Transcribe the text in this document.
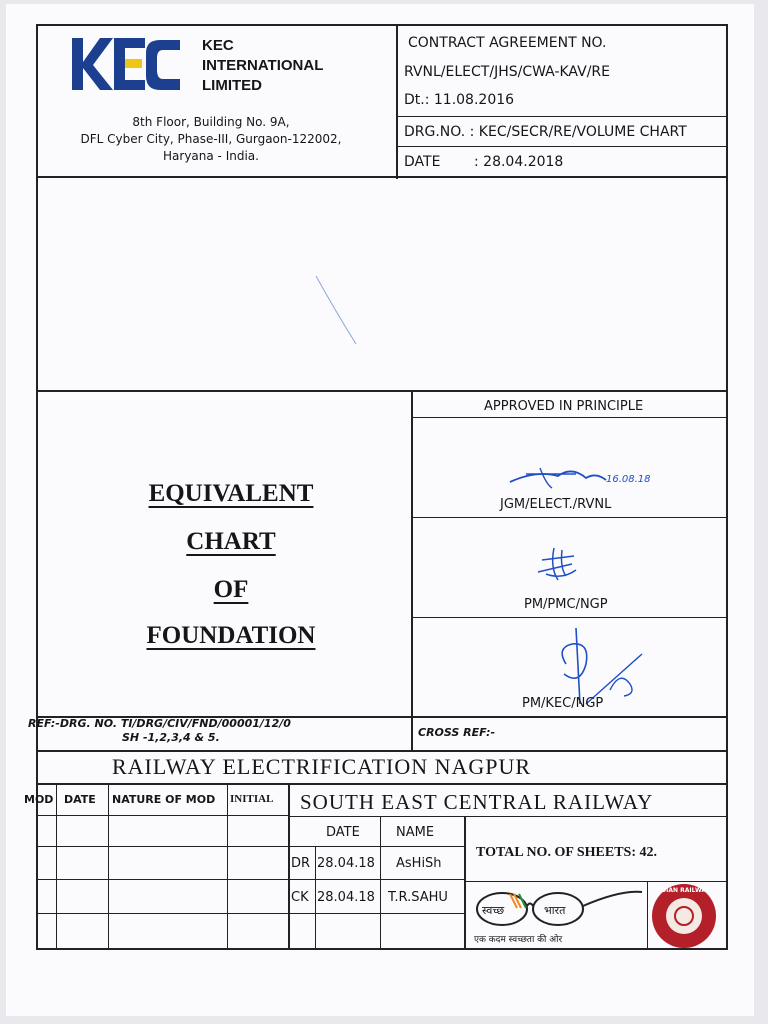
KEC
INTERNATIONAL
LIMITED
8th Floor, Building No. 9A,
DFL Cyber City, Phase-III, Gurgaon-122002,
Haryana - India.
CONTRACT AGREEMENT NO.
RVNL/ELECT/JHS/CWA-KAV/RE
Dt.: 11.08.2016
DRG.NO. : KEC/SECR/RE/VOLUME CHART
DATE : 28.04.2018
EQUIVALENT
CHART
OF
FOUNDATION
APPROVED IN PRINCIPLE
16.08.18
JGM/ELECT./RVNL
PM/PMC/NGP
PM/KEC/NGP
REF:-DRG. NO. TI/DRG/CIV/FND/00001/12/0
SH -1,2,3,4 & 5.	CROSS REF:-
RAILWAY ELECTRIFICATION NAGPUR
SOUTH EAST CENTRAL RAILWAY
MOD DATE NATURE OF MOD INITIAL
DATE	NAME
DR 28.04.18 AsHiSh
CK 28.04.18 T.R.SAHU
TOTAL NO. OF SHEETS: 42.
स्वच्छ	भारत
एक कदम स्वच्छता की ओर
INDIAN RAILWAYS
